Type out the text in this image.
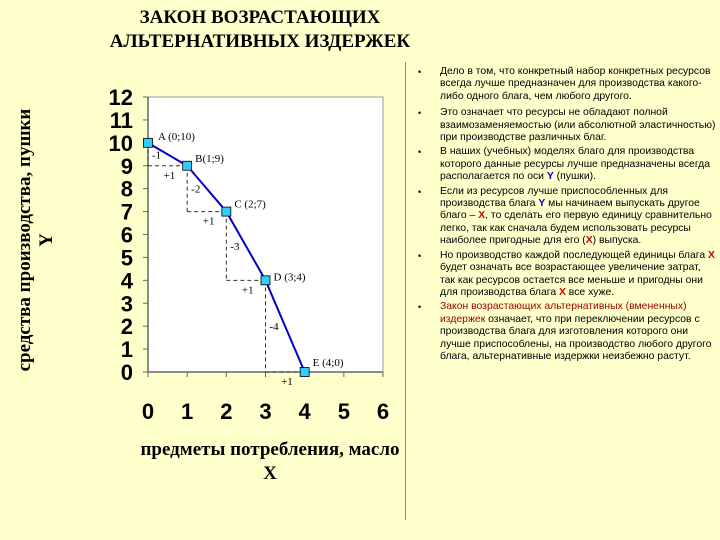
ЗАКОН ВОЗРАСТАЮЩИХ АЛЬТЕРНАТИВНЫХ ИЗДЕРЖЕК
средства производства, пушки
Y
0
1
2
3
4
5
6
7
8
9
10
11
12
0 1 2 3 4 5 6
-1
+1
-2
+1
-3
+1
-4
+1
A (0;10)
B(1;9)
C (2;7)
D (3;4)
E (4;0)
предметы потребления, масло X
• Дело в том, что конкретный набор конкретных ресурсов всегда лучше предназначен для производства какого-либо одного блага, чем любого другого.
• Это означает что ресурсы не обладают полной взаимозаменяемостью (или абсолютной эластичностью) при производстве различных благ.
• В наших (учебных) моделях благо для производства которого данные ресурсы лучше предназначены всегда располагается по оси Y (пушки).
• Если из ресурсов лучше приспособленных для производства блага Y мы начинаем выпускать другое благо – X, то сделать его первую единицу сравнительно легко, так как сначала будем использовать ресурсы наиболее пригодные для его (X) выпуска.
• Но производство каждой последующей единицы блага X будет означать все возрастающее увеличение затрат, так как ресурсов остается все меньше и пригодны они для производства блага X все хуже.
• Закон возрастающих альтернативных (вмененных) издержек означает, что при переключении ресурсов с производства блага для изготовления которого они лучше приспособлены, на производство любого другого блага, альтернативные издержки неизбежно растут.
